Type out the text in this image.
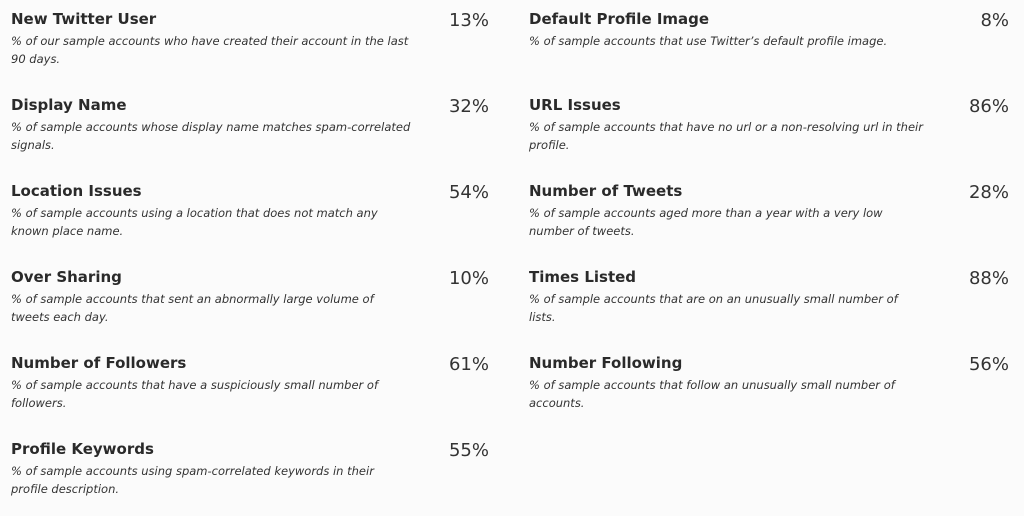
New Twitter User	13%
% of our sample accounts who have created their account in the last 90 days.
Display Name	32%
% of sample accounts whose display name matches spam-correlated signals.
Location Issues	54%
% of sample accounts using a location that does not match any known place name.
Over Sharing	10%
% of sample accounts that sent an abnormally large volume of tweets each day.
Number of Followers	61%
% of sample accounts that have a suspiciously small number of followers.
Profile Keywords	55%
% of sample accounts using spam-correlated keywords in their profile description.
Default Profile Image	8%
% of sample accounts that use Twitter’s default profile image.
URL Issues	86%
% of sample accounts that have no url or a non-resolving url in their profile.
Number of Tweets	28%
% of sample accounts aged more than a year with a very low number of tweets.
Times Listed	88%
% of sample accounts that are on an unusually small number of lists.
Number Following	56%
% of sample accounts that follow an unusually small number of accounts.
